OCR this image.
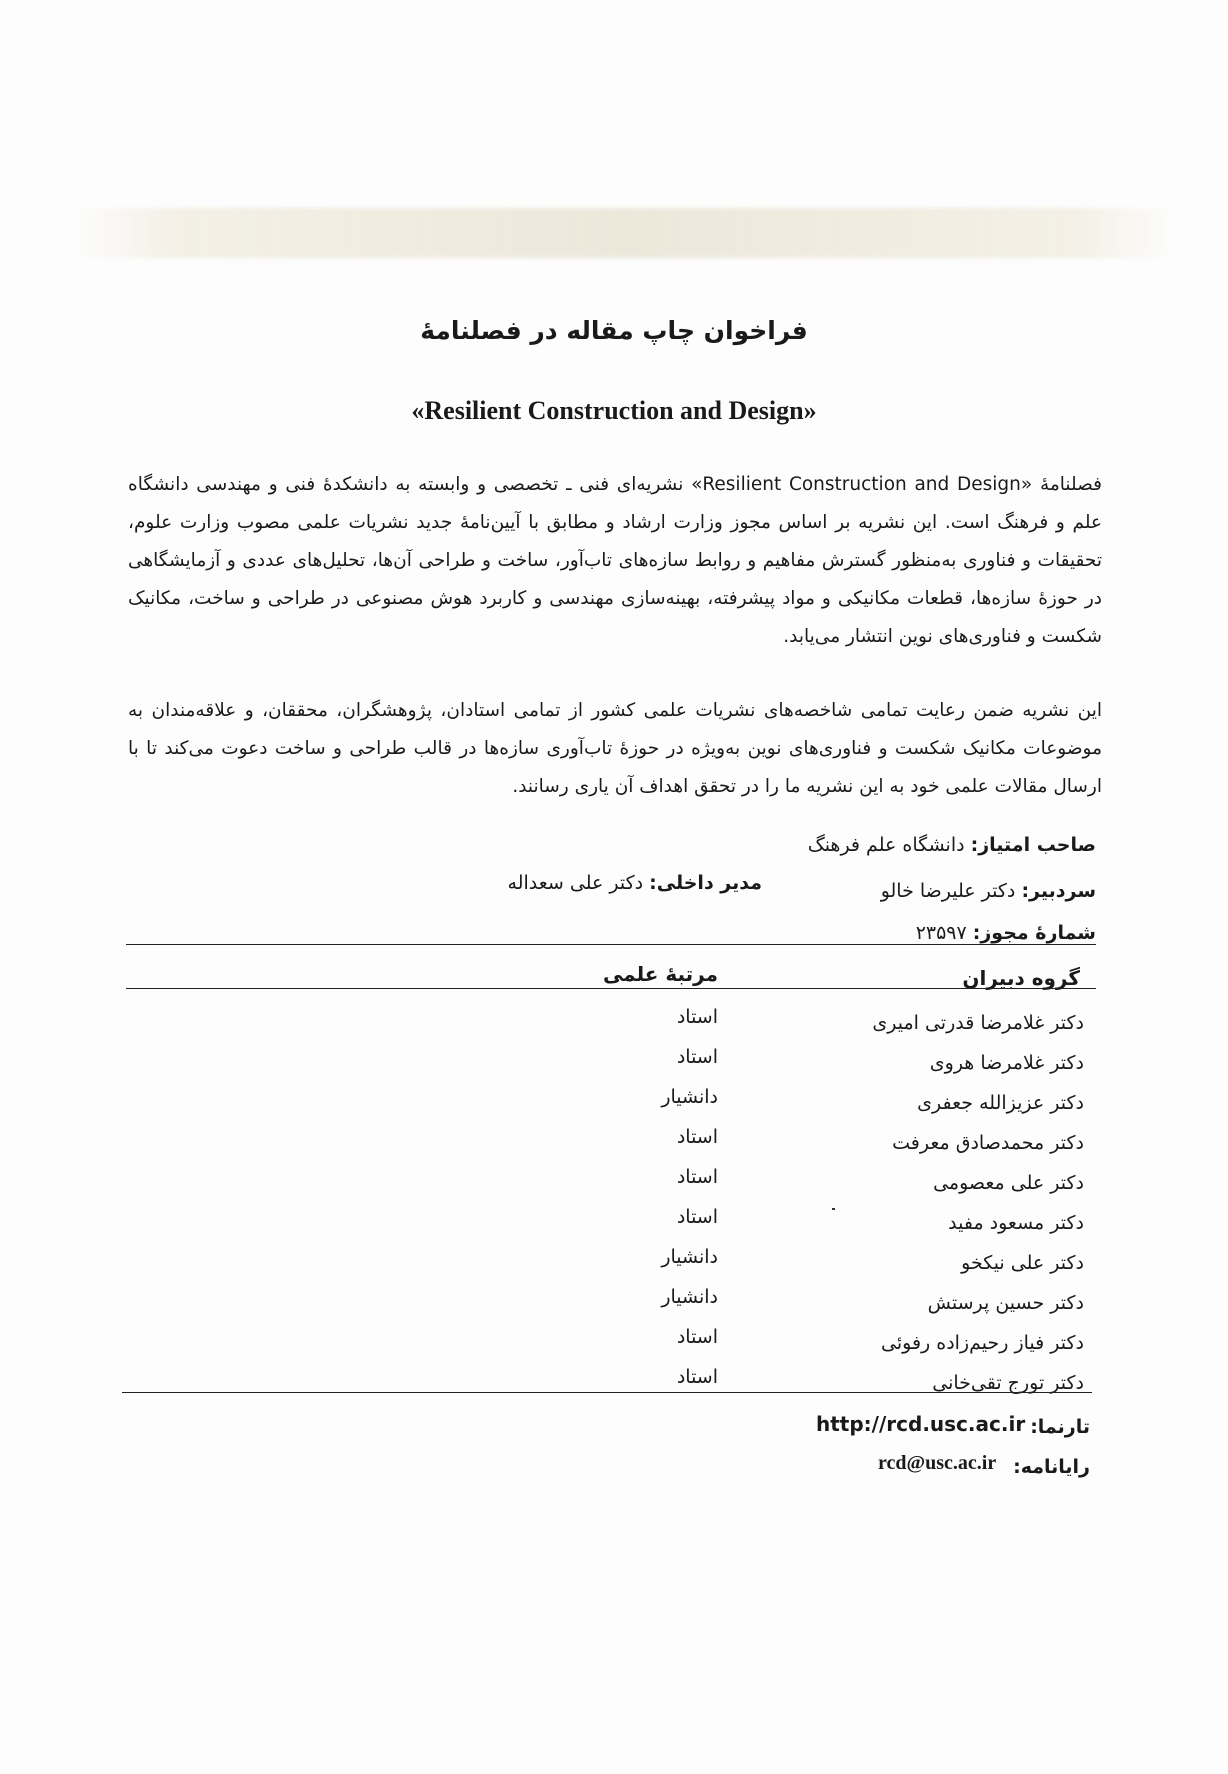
فراخوان چاپ مقاله در فصلنامهٔ
«Resilient Construction and Design»
فصلنامهٔ «Resilient Construction and Design» نشریه‌ای فنی ـ تخصصی و وابسته به دانشکدهٔ فنی و مهندسی دانشگاه علم و فرهنگ است. این نشریه بر اساس مجوز وزارت ارشاد و مطابق با آیین‌نامهٔ جدید نشریات علمی مصوب وزارت علوم، تحقیقات و فناوری به‌منظور گسترش مفاهیم و روابط سازه‌های تاب‌آور، ساخت و طراحی آن‌ها، تحلیل‌های عددی و آزمایشگاهی در حوزهٔ سازه‌ها، قطعات مکانیکی و مواد پیشرفته، بهینه‌سازی مهندسی و کاربرد هوش مصنوعی در طراحی و ساخت، مکانیک شکست و فناوری‌های نوین انتشار می‌یابد.
این نشریه ضمن رعایت تمامی شاخصه‌های نشریات علمی کشور از تمامی استادان، پژوهشگران، محققان، و علاقه‌مندان به موضوعات مکانیک شکست و فناوری‌های نوین به‌ویژه در حوزهٔ تاب‌آوری سازه‌ها در قالب طراحی و ساخت دعوت می‌کند تا با ارسال مقالات علمی خود به این نشریه ما را در تحقق اهداف آن یاری رسانند.
صاحب امتیاز: دانشگاه علم فرهنگ
مدیر داخلی: دکتر علی سعداله	سردبیر: دکتر علیرضا خالو
شمارهٔ مجوز: ۲۳۵۹۷
گروه دبیران
مرتبهٔ علمی
دکتر غلامرضا قدرتی امیری
استاد
دکتر غلامرضا هروی
استاد
دکتر عزیزالله جعفری
دانشیار
دکتر محمدصادق معرفت
استاد
دکتر علی معصومی
استاد
دکتر مسعود مفید
استاد
دکتر علی نیکخو
دانشیار
دکتر حسین پرستش
دانشیار
دکتر فیاز رحیم‌زاده رفوئی
استاد
دکتر تورج تقی‌خانی
استاد
تارنما:
http://rcd.usc.ac.ir
رایانامه:
rcd@usc.ac.ir
